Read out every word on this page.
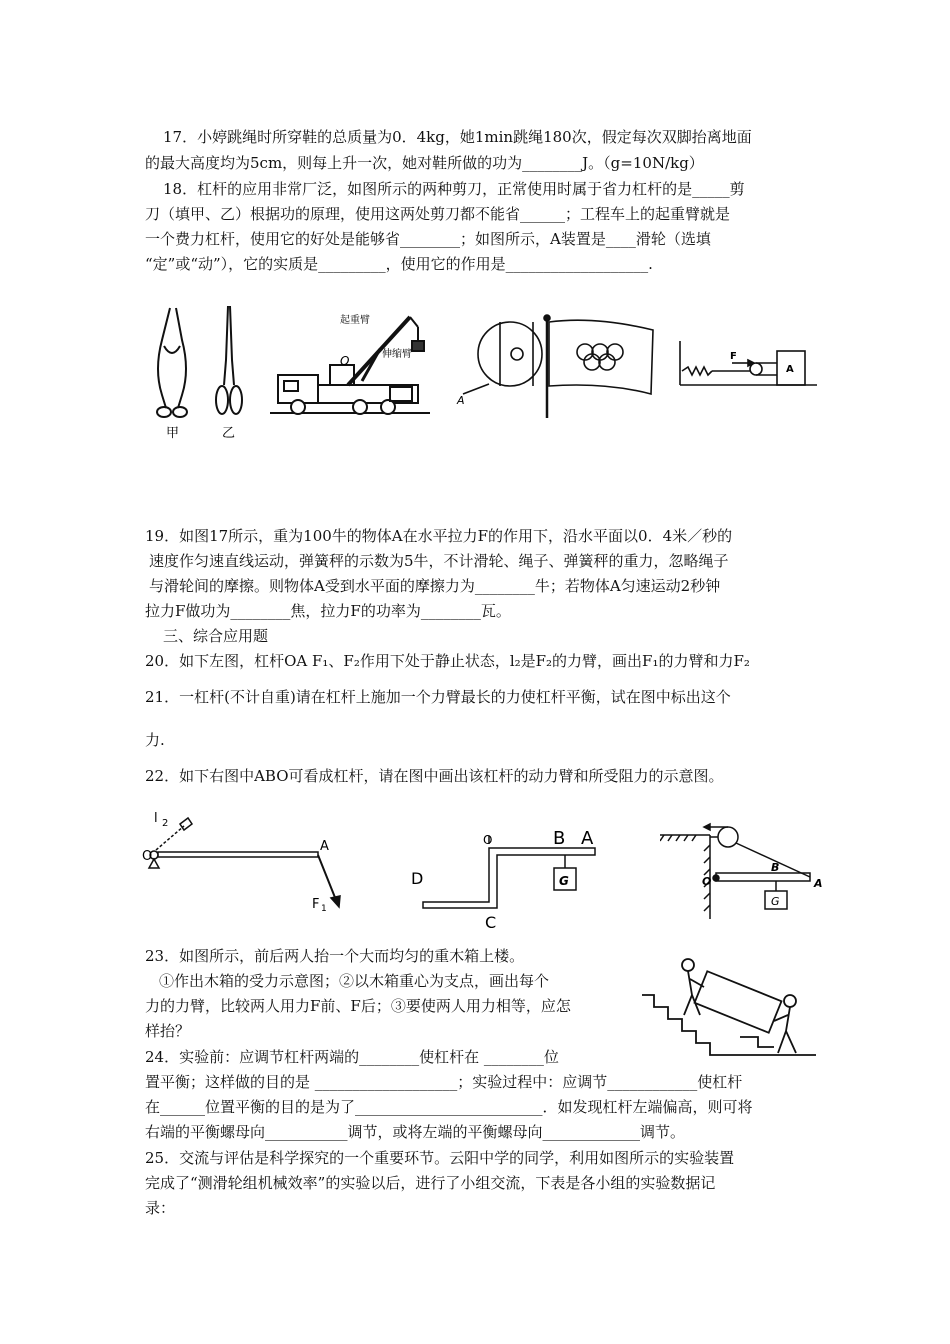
17．小婷跳绳时所穿鞋的总质量为0．4kg，她1min跳绳180次，假定每次双脚抬离地面
的最大高度均为5cm，则每上升一次，她对鞋所做的功为________J。（g=10N/kg）
18．杠杆的应用非常厂泛，如图所示的两种剪刀，正常使用时属于省力杠杆的是_____剪
刀（填甲、乙）根据功的原理，使用这两处剪刀都不能省______；工程车上的起重臂就是
一个费力杠杆，使用它的好处是能够省________；如图所示，A装置是____滑轮（选填
“定”或“动”），它的实质是_________，使用它的作用是___________________.
甲	乙
起重臂
伸缩臂
O
A
F
A
19．如图17所示，重为100牛的物体A在水平拉力F的作用下，沿水平面以0．4米／秒的
速度作匀速直线运动，弹簧秤的示数为5牛，不计滑轮、绳子、弹簧秤的重力，忽略绳子
与滑轮间的摩擦。则物体A受到水平面的摩擦力为________牛；若物体A匀速运动2秒钟
拉力F做功为________焦，拉力F的功率为________瓦。
三、综合应用题
20．如下左图，杠杆OA F₁、F₂作用下处于静止状态，l₂是F₂的力臂，画出F₁的力臂和力F₂
21．一杠杆(不计自重)请在杠杆上施加一个力臂最长的力使杠杆平衡，试在图中标出这个
力.
22．如下右图中ABO可看成杠杆，请在图中画出该杠杆的动力臂和所受阻力的示意图。
l 2
O
A
F 1
D
O	B A
C
G	O
B
A
G
23．如图所示，前后两人抬一个大而均匀的重木箱上楼。
①作出木箱的受力示意图；②以木箱重心为支点，画出每个
力的力臂，比较两人用力F前、F后；③要使两人用力相等，应怎
样抬？
24．实验前：应调节杠杆两端的________使杠杆在 ________位
置平衡；这样做的目的是 ___________________；实验过程中：应调节____________使杠杆
在______位置平衡的目的是为了_________________________．如发现杠杆左端偏高，则可将
右端的平衡螺母向___________调节，或将左端的平衡螺母向_____________调节。
25．交流与评估是科学探究的一个重要环节。云阳中学的同学，利用如图所示的实验装置
完成了“测滑轮组机械效率”的实验以后，进行了小组交流，下表是各小组的实验数据记
录：
